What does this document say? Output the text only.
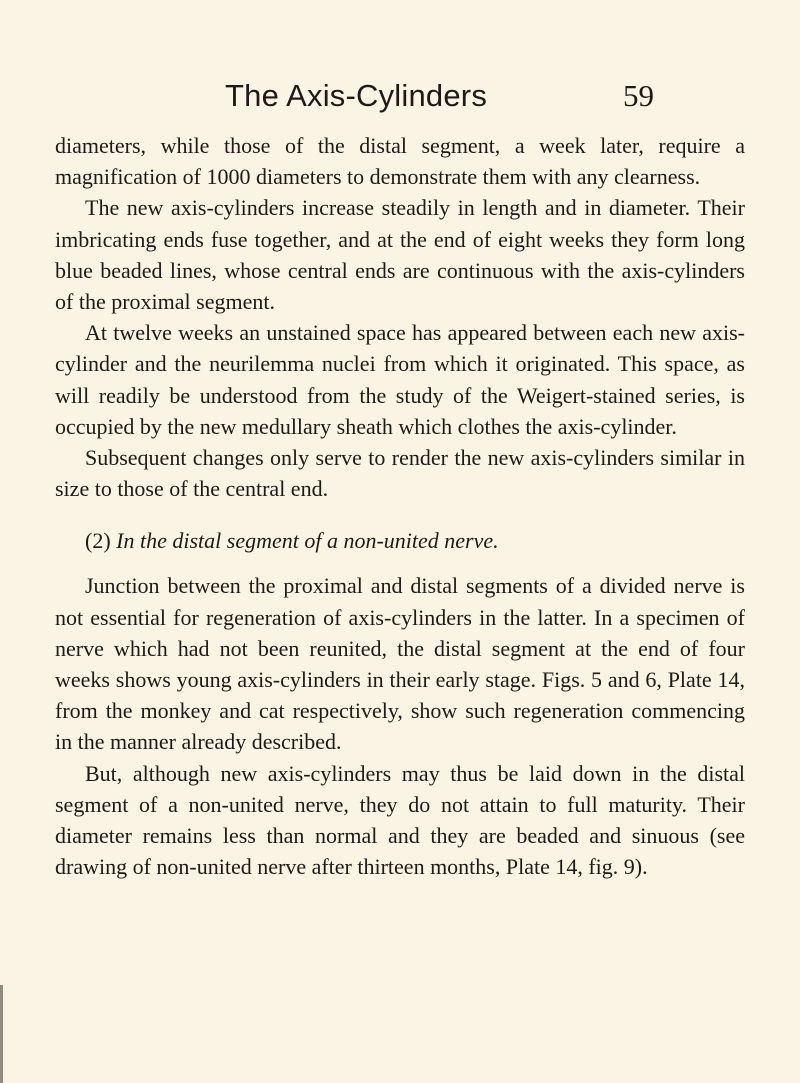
The Axis-Cylinders	59

diameters, while those of the distal segment, a week later, require a magnification of 1000 diameters to demonstrate them with any clearness.

The new axis-cylinders increase steadily in length and in diameter. Their imbricating ends fuse together, and at the end of eight weeks they form long blue beaded lines, whose central ends are continuous with the axis-cylinders of the proximal segment.

At twelve weeks an unstained space has appeared between each new axis-cylinder and the neurilemma nuclei from which it originated. This space, as will readily be understood from the study of the Weigert-stained series, is occupied by the new medullary sheath which clothes the axis-cylinder.

Subsequent changes only serve to render the new axis-cylinders similar in size to those of the central end.

(2) In the distal segment of a non-united nerve.

Junction between the proximal and distal segments of a divided nerve is not essential for regeneration of axis-cylinders in the latter. In a specimen of nerve which had not been reunited, the distal segment at the end of four weeks shows young axis-cylinders in their early stage. Figs. 5 and 6, Plate 14, from the monkey and cat respectively, show such regeneration commencing in the manner already described.

But, although new axis-cylinders may thus be laid down in the distal segment of a non-united nerve, they do not attain to full maturity. Their diameter remains less than normal and they are beaded and sinuous (see drawing of non-united nerve after thirteen months, Plate 14, fig. 9).
